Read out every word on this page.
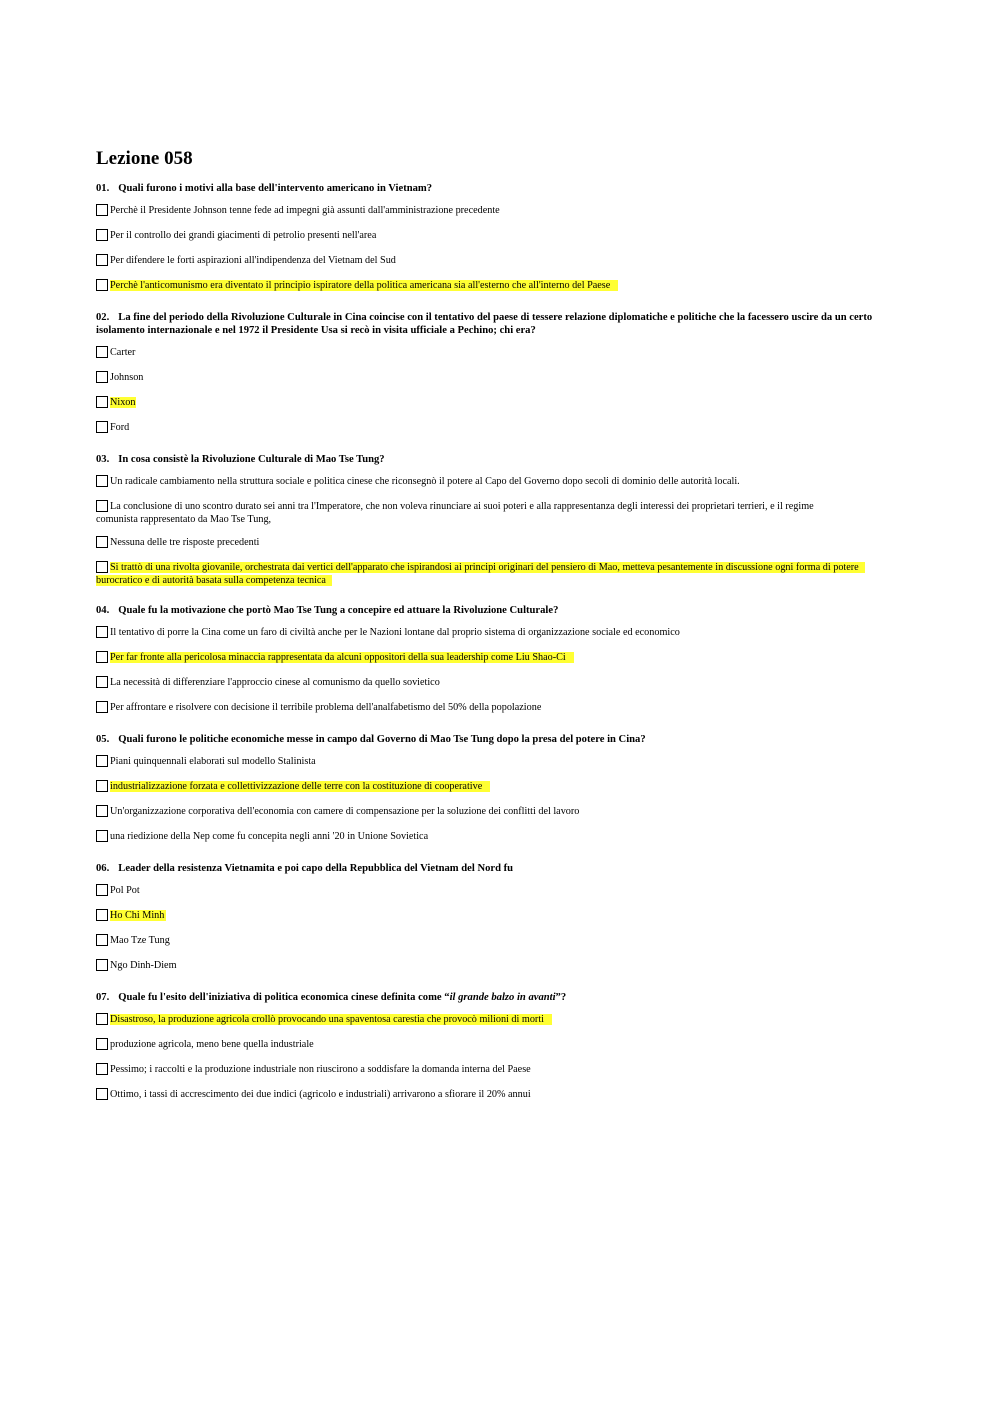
Lezione 058
01. Quali furono i motivi alla base dell'intervento americano in Vietnam?
Perchè il Presidente Johnson tenne fede ad impegni già assunti dall'amministrazione precedente
Per il controllo dei grandi giacimenti di petrolio presenti nell'area
Per difendere le forti aspirazioni all'indipendenza del Vietnam del Sud
Perchè l'anticomunismo era diventato il principio ispiratore della politica americana sia all'esterno che all'interno del Paese
02. La fine del periodo della Rivoluzione Culturale in Cina coincise con il tentativo del paese di tessere relazione diplomatiche e politiche che la facessero uscire da un certo isolamento internazionale e nel 1972 il Presidente Usa si recò in visita ufficiale a Pechino; chi era?
Carter
Johnson
Nixon
Ford
03. In cosa consistè la Rivoluzione Culturale di Mao Tse Tung?
Un radicale cambiamento nella struttura sociale e politica cinese che riconsegnò il potere al Capo del Governo dopo secoli di dominio delle autorità locali.
La conclusione di uno scontro durato sei anni tra l'Imperatore, che non voleva rinunciare ai suoi poteri e alla rappresentanza degli interessi dei proprietari terrieri, e il regime comunista rappresentato da Mao Tse Tung,
Nessuna delle tre risposte precedenti
Si trattò di una rivolta giovanile, orchestrata dai vertici dell'apparato che ispirandosi ai principi originari del pensiero di Mao, metteva pesantemente in discussione ogni forma di potere burocratico e di autorità basata sulla competenza tecnica
04. Quale fu la motivazione che portò Mao Tse Tung a concepire ed attuare la Rivoluzione Culturale?
Il tentativo di porre la Cina come un faro di civiltà anche per le Nazioni lontane dal proprio sistema di organizzazione sociale ed economico
Per far fronte alla pericolosa minaccia rappresentata da alcuni oppositori della sua leadership come Liu Shao-Ci
La necessità di differenziare l'approccio cinese al comunismo da quello sovietico
Per affrontare e risolvere con decisione il terribile problema dell'analfabetismo del 50% della popolazione
05. Quali furono le politiche economiche messe in campo dal Governo di Mao Tse Tung dopo la presa del potere in Cina?
Piani quinquennali elaborati sul modello Stalinista
industrializzazione forzata e collettivizzazione delle terre con la costituzione di cooperative
Un'organizzazione corporativa dell'economia con camere di compensazione per la soluzione dei conflitti del lavoro
una riedizione della Nep come fu concepita negli anni '20 in Unione Sovietica
06. Leader della resistenza Vietnamita e poi capo della Repubblica del Vietnam del Nord fu
Pol Pot
Ho Chi Minh
Mao Tze Tung
Ngo Dinh-Diem
07. Quale fu l'esito dell'iniziativa di politica economica cinese definita come “il grande balzo in avanti”?
Disastroso, la produzione agricola crollò provocando una spaventosa carestia che provocò milioni di morti
produzione agricola, meno bene quella industriale
Pessimo; i raccolti e la produzione industriale non riuscirono a soddisfare la domanda interna del Paese
Ottimo, i tassi di accrescimento dei due indici (agricolo e industriali) arrivarono a sfiorare il 20% annui
